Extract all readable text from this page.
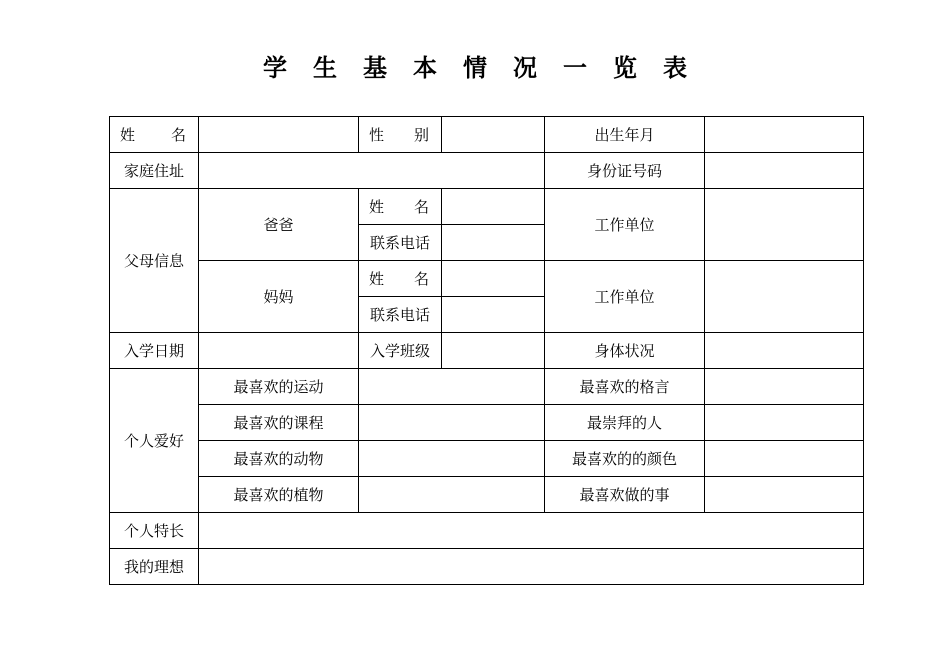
学生基本情况一览表
姓名		性别		出生年月	
家庭住址				身份证号码	
父母信息	爸爸	姓名		工作单位	
		联系电话			
	妈妈	姓名		工作单位	
		联系电话			
入学日期		入学班级		身体状况	
个人爱好	最喜欢的运动			最喜欢的格言	
	最喜欢的课程			最崇拜的人	
	最喜欢的动物			最喜欢的的颜色	
	最喜欢的植物			最喜欢做的事	
个人特长					
我的理想					
